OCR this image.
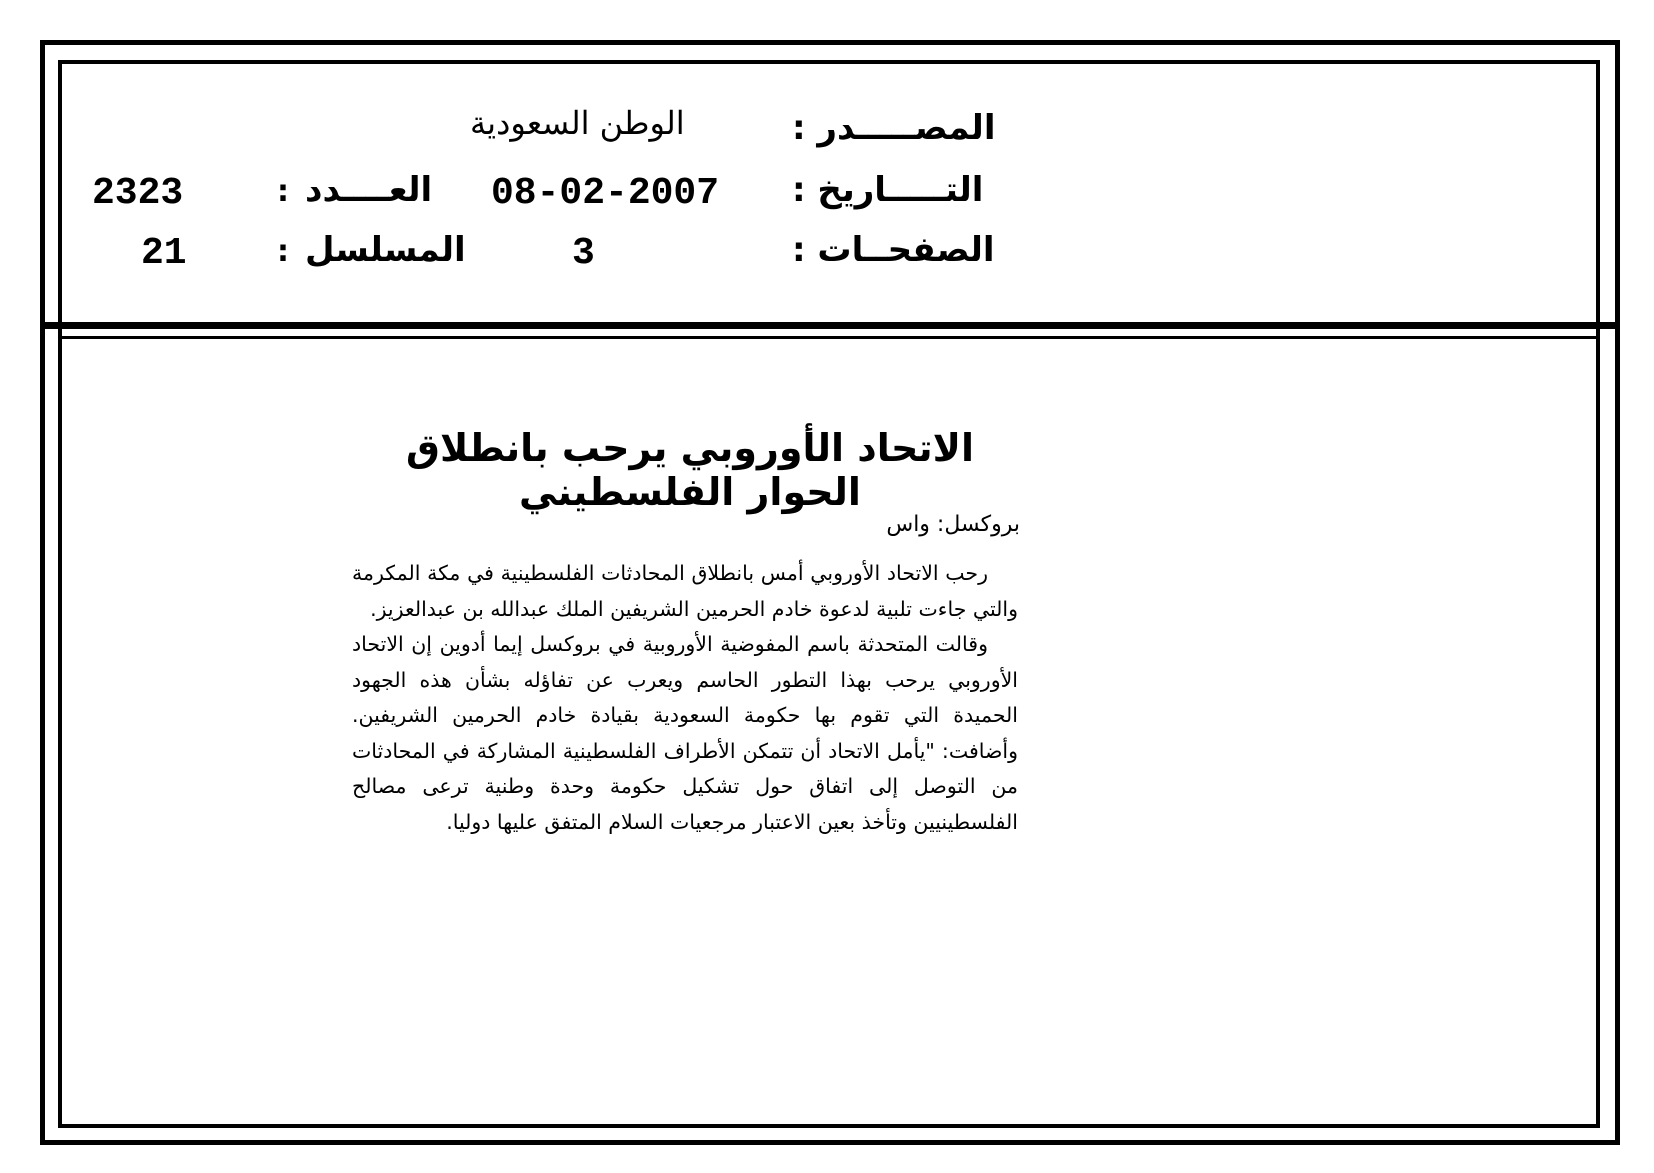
المصـــــدر :
الوطن السعودية
التـــــاريخ :
08-02-2007
العــــدد
:
2323
الصفحــات :
3
المسلسل
:
21
الاتحاد الأوروبي يرحب بانطلاق الحوار الفلسطيني
بروكسل: واس

رحب الاتحاد الأوروبي أمس بانطلاق المحادثات الفلسطينية في مكة المكرمة والتي جاءت تلبية لدعوة خادم الحرمين الشريفين الملك عبدالله بن عبدالعزيز.

وقالت المتحدثة باسم المفوضية الأوروبية في بروكسل إيما أدوين إن الاتحاد الأوروبي يرحب بهذا التطور الحاسم ويعرب عن تفاؤله بشأن هذه الجهود الحميدة التي تقوم بها حكومة السعودية بقيادة خادم الحرمين الشريفين. وأضافت: "يأمل الاتحاد أن تتمكن الأطراف الفلسطينية المشاركة في المحادثات من التوصل إلى اتفاق حول تشكيل حكومة وحدة وطنية ترعى مصالح الفلسطينيين وتأخذ بعين الاعتبار مرجعيات السلام المتفق عليها دوليا.
